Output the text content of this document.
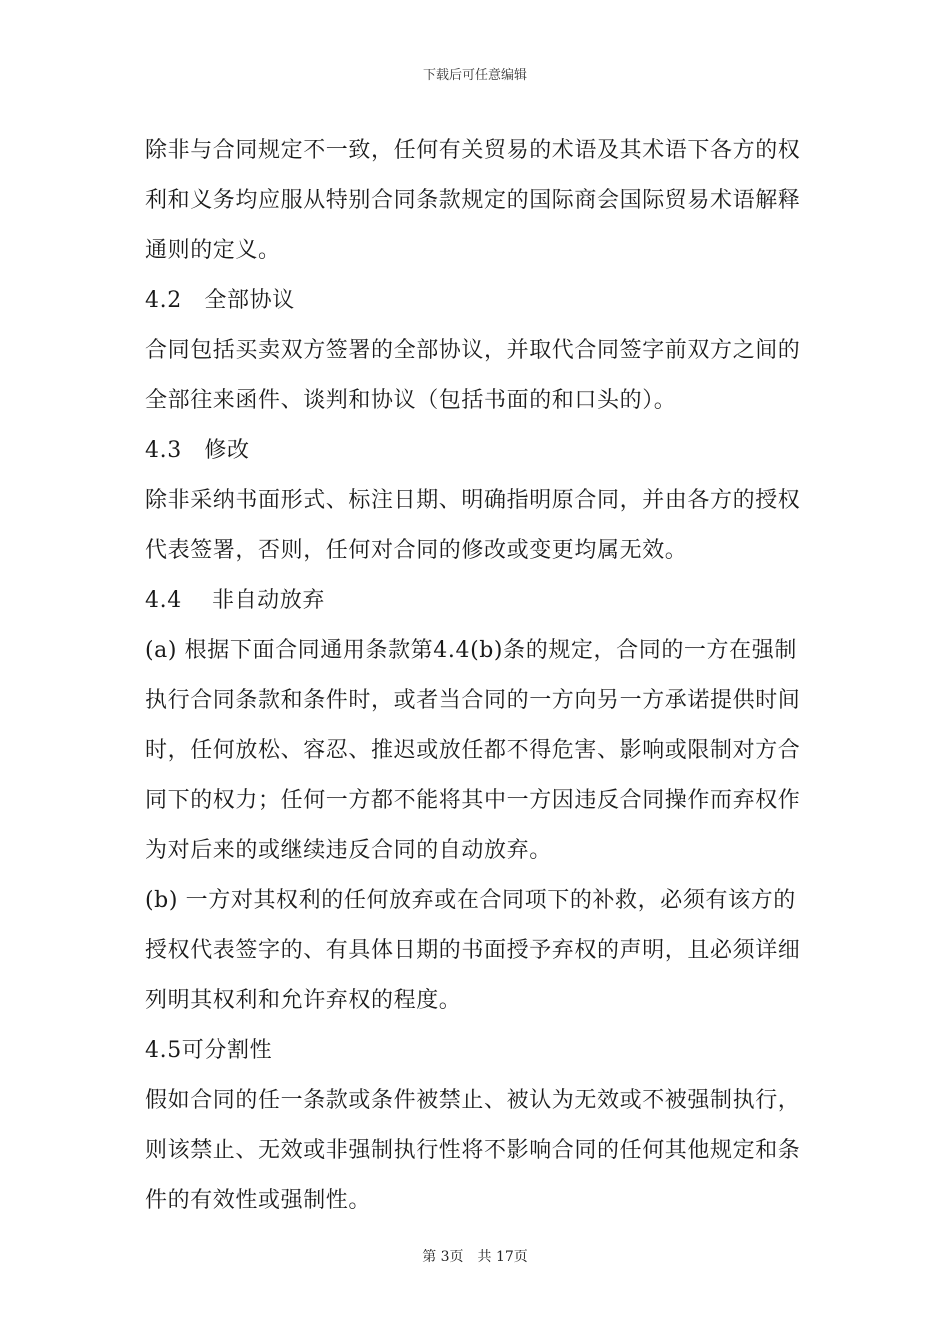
下载后可任意编辑
除非与合同规定不一致，任何有关贸易的术语及其术语下各方的权
利和义务均应服从特别合同条款规定的国际商会国际贸易术语解释
通则的定义。
4.2　全部协议
合同包括买卖双方签署的全部协议，并取代合同签字前双方之间的
全部往来函件、谈判和协议（包括书面的和口头的）。
4.3　修改
除非采纳书面形式、标注日期、明确指明原合同，并由各方的授权
代表签署，否则，任何对合同的修改或变更均属无效。
4.4　 非自动放弃
(a) 根据下面合同通用条款第4.4(b)条的规定，合同的一方在强制
执行合同条款和条件时，或者当合同的一方向另一方承诺提供时间
时，任何放松、容忍、推迟或放任都不得危害、影响或限制对方合
同下的权力；任何一方都不能将其中一方因违反合同操作而弃权作
为对后来的或继续违反合同的自动放弃。
(b) 一方对其权利的任何放弃或在合同项下的补救，必须有该方的
授权代表签字的、有具体日期的书面授予弃权的声明，且必须详细
列明其权利和允许弃权的程度。
4.5可分割性
假如合同的任一条款或条件被禁止、被认为无效或不被强制执行，
则该禁止、无效或非强制执行性将不影响合同的任何其他规定和条
件的有效性或强制性。
第 3页　共 17页
